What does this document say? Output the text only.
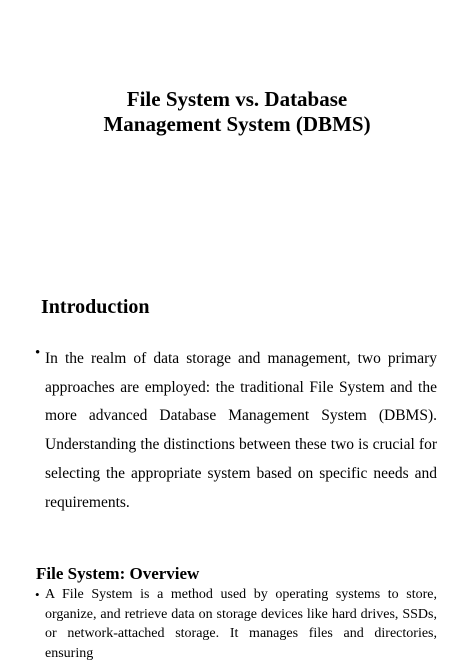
File System vs. Database
Management System (DBMS)
Introduction
• In the realm of data storage and management, two primary approaches are employed: the traditional File System and the more advanced Database Management System (DBMS). Understanding the distinctions between these two is crucial for selecting the appropriate system based on specific needs and requirements.

File System: Overview
• A File System is a method used by operating systems to store, organize, and retrieve data on storage devices like hard drives, SSDs, or network-attached storage. It manages files and directories, ensuring
